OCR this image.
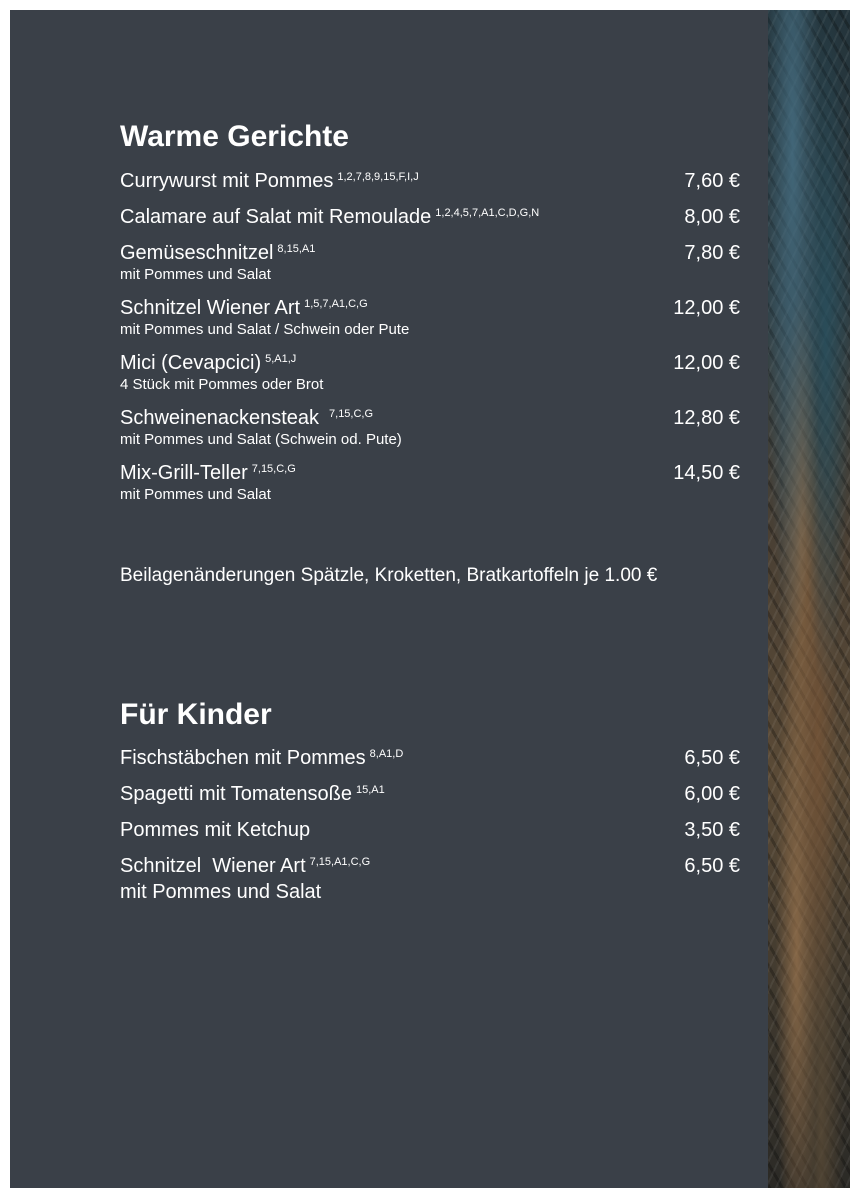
Warme Gerichte
Currywurst mit Pommes $^{1,2,7,8,9,15,F,I,J}$	7,60 €
Calamare auf Salat mit Remoulade $^{1,2,4,5,7,A1,C,D,G,N}$	8,00 €
Gemüseschnitzel $^{8,15,A1}$	7,80 €
mit Pommes und Salat
Schnitzel Wiener Art $^{1,5,7,A1,C,G}$	12,00 €
mit Pommes und Salat / Schwein oder Pute
Mici (Cevapcici) $^{5,A1,J}$	12,00 €
4 Stück mit Pommes oder Brot
Schweinenackensteak $^{7,15,C,G}$	12,80 €
mit Pommes und Salat (Schwein od. Pute)
Mix-Grill-Teller $^{7,15,C,G}$	14,50 €
mit Pommes und Salat
Beilagenänderungen Spätzle, Kroketten, Bratkartoffeln je 1.00 €
Für Kinder
Fischstäbchen mit Pommes $^{8,A1,D}$	6,50 €
Spagetti mit Tomatensoße $^{15,A1}$	6,00 €
Pommes mit Ketchup	3,50 €
Schnitzel  Wiener Art $^{7,15,A1,C,G}$	6,50 €
mit Pommes und Salat
